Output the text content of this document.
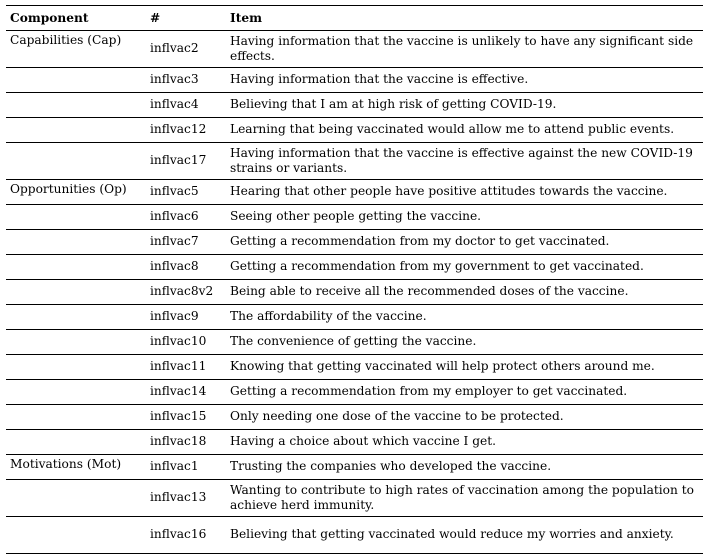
Component	#	Item
Capabilities (Cap)	inflvac2	Having information that the vaccine is unlikely to have any significant side effects.
	inflvac3	Having information that the vaccine is effective.
	inflvac4	Believing that I am at high risk of getting COVID-19.
	inflvac12	Learning that being vaccinated would allow me to attend public events.
	inflvac17	Having information that the vaccine is effective against the new COVID-19 strains or variants.
Opportunities (Op)	inflvac5	Hearing that other people have positive attitudes towards the vaccine.
	inflvac6	Seeing other people getting the vaccine.
	inflvac7	Getting a recommendation from my doctor to get vaccinated.
	inflvac8	Getting a recommendation from my government to get vaccinated.
	inflvac8v2	Being able to receive all the recommended doses of the vaccine.
	inflvac9	The affordability of the vaccine.
	inflvac10	The convenience of getting the vaccine.
	inflvac11	Knowing that getting vaccinated will help protect others around me.
	inflvac14	Getting a recommendation from my employer to get vaccinated.
	inflvac15	Only needing one dose of the vaccine to be protected.
	inflvac18	Having a choice about which vaccine I get.
Motivations (Mot)	inflvac1	Trusting the companies who developed the vaccine.
	inflvac13	Wanting to contribute to high rates of vaccination among the population to achieve herd immunity.
	inflvac16	Believing that getting vaccinated would reduce my worries and anxiety.
